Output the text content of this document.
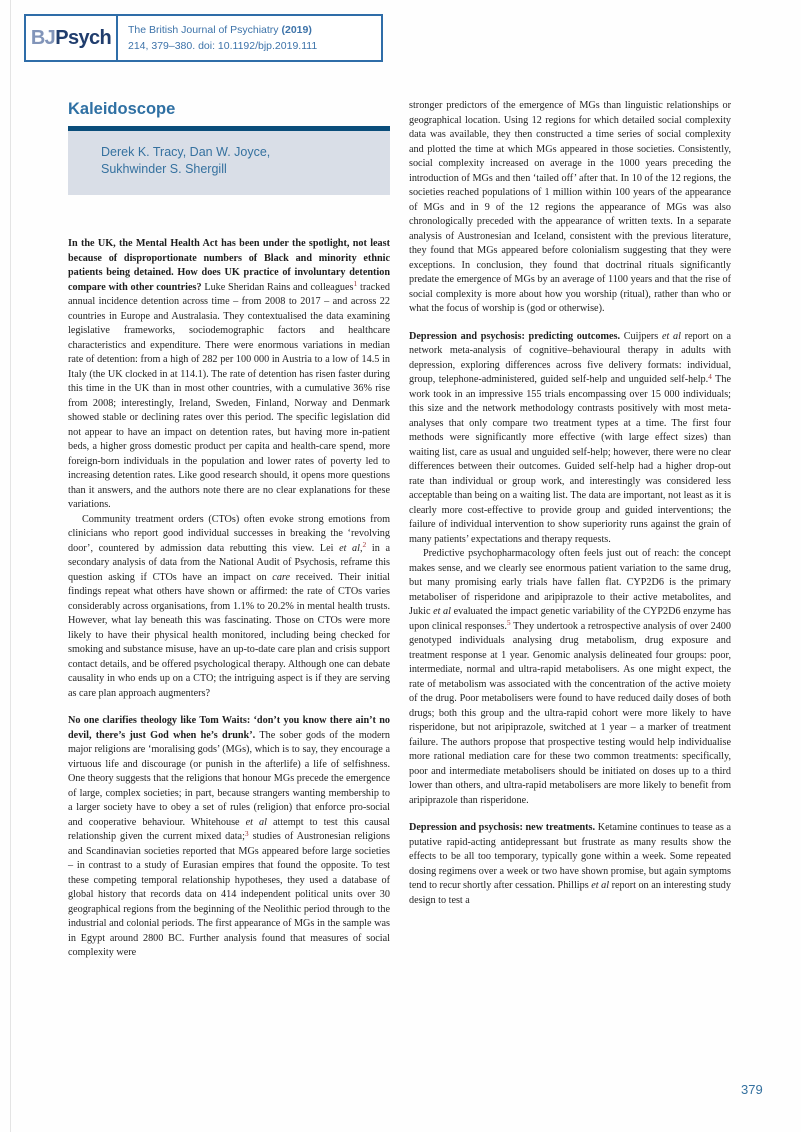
BJ Psych The British Journal of Psychiatry (2019)
214, 379–380. doi: 10.1192/bjp.2019.111
Kaleidoscope
Derek K. Tracy, Dan W. Joyce,
Sukhwinder S. Shergill

In the UK, the Mental Health Act has been under the spotlight, not least because of disproportionate numbers of Black and minority ethnic patients being detained. How does UK practice of involuntary detention compare with other countries? Luke Sheridan Rains and colleagues$^1$ tracked annual incidence detention across time – from 2008 to 2017 – and across 22 countries in Europe and Australasia. They contextualised the data examining legislative frameworks, sociodemographic factors and healthcare characteristics and expenditure. There were enormous variations in median rate of detention: from a high of 282 per 100 000 in Austria to a low of 14.5 in Italy (the UK clocked in at 114.1). The rate of detention has risen faster during this time in the UK than in most other countries, with a cumulative 36% rise from 2008; interestingly, Ireland, Sweden, Finland, Norway and Denmark showed stable or declining rates over this period. The specific legislation did not appear to have an impact on detention rates, but having more in-patient beds, a higher gross domestic product per capita and health-care spend, more foreign-born individuals in the population and lower rates of poverty led to increasing detention rates. Like good research should, it opens more questions than it answers, and the authors note there are no clear explanations for these variations.

Community treatment orders (CTOs) often evoke strong emotions from clinicians who report good individual successes in breaking the ‘revolving door’, countered by admission data rebutting this view. Lei et al,$^2$ in a secondary analysis of data from the National Audit of Psychosis, reframe this question asking if CTOs have an impact on care received. Their initial findings repeat what others have shown or affirmed: the rate of CTOs varies considerably across organisations, from 1.1% to 20.2% in mental health trusts. However, what lay beneath this was fascinating. Those on CTOs were more likely to have their physical health monitored, including being checked for smoking and substance misuse, have an up-to-date care plan and crisis support contact details, and be offered psychological therapy. Although one can debate causality in who ends up on a CTO; the intriguing aspect is if they are serving as care plan approach augmenters?

No one clarifies theology like Tom Waits: ‘don’t you know there ain’t no devil, there’s just God when he’s drunk’. The sober gods of the modern major religions are ‘moralising gods’ (MGs), which is to say, they encourage a virtuous life and discourage (or punish in the afterlife) a life of selfishness. One theory suggests that the religions that honour MGs precede the emergence of large, complex societies; in part, because strangers wanting membership to a larger society have to obey a set of rules (religion) that enforce pro-social and cooperative behaviour. Whitehouse et al attempt to test this causal relationship given the current mixed data;$^3$ studies of Austronesian religions and Scandinavian societies reported that MGs appeared before large societies – in contrast to a study of Eurasian empires that found the opposite. To test these competing temporal relationship hypotheses, they used a database of global history that records data on 414 independent political units over 30 geographical regions from the beginning of the Neolithic period through to the industrial and colonial periods. The first appearance of MGs in the sample was in Egypt around 2800 BC. Further analysis found that measures of social complexity were

stronger predictors of the emergence of MGs than linguistic relationships or geographical location. Using 12 regions for which detailed social complexity data was available, they then constructed a time series of social complexity and plotted the time at which MGs appeared in those societies. Consistently, social complexity increased on average in the 1000 years preceding the introduction of MGs and then ‘tailed off’ after that. In 10 of the 12 regions, the societies reached populations of 1 million within 100 years of the appearance of MGs and in 9 of the 12 regions the appearance of MGs was also chronologically preceded with the appearance of written texts. In a separate analysis of Austronesian and Iceland, consistent with the previous literature, they found that MGs appeared before colonialism suggesting that they were exceptions. In conclusion, they found that doctrinal rituals significantly predate the emergence of MGs by an average of 1100 years and that the rise of social complexity is more about how you worship (ritual), rather than who or what the focus of worship is (god or otherwise).

Depression and psychosis: predicting outcomes. Cuijpers et al report on a network meta-analysis of cognitive–behavioural therapy in adults with depression, exploring differences across five delivery formats: individual, group, telephone-administered, guided self-help and unguided self-help.$^4$ The work took in an impressive 155 trials encompassing over 15 000 individuals; this size and the network methodology contrasts positively with most meta-analyses that only compare two treatment types at a time. The first four methods were significantly more effective (with large effect sizes) than waiting list, care as usual and unguided self-help; however, there were no clear differences between their outcomes. Guided self-help had a higher drop-out rate than individual or group work, and interestingly was considered less acceptable than being on a waiting list. The data are important, not least as it is clearly more cost-effective to provide group and guided interventions; the failure of individual intervention to show superiority runs against the grain of many patients’ expectations and therapy requests.

Predictive psychopharmacology often feels just out of reach: the concept makes sense, and we clearly see enormous patient variation to the same drug, but many promising early trials have fallen flat. CYP2D6 is the primary metaboliser of risperidone and aripiprazole to their active metabolites, and Jukic et al evaluated the impact genetic variability of the CYP2D6 enzyme has upon clinical responses.$^5$ They undertook a retrospective analysis of over 2400 genotyped individuals analysing drug metabolism, drug exposure and treatment response at 1 year. Genomic analysis delineated four groups: poor, intermediate, normal and ultra-rapid metabolisers. As one might expect, the rate of metabolism was associated with the concentration of the active moiety of the drug. Poor metabolisers were found to have reduced daily doses of both drugs; both this group and the ultra-rapid cohort were more likely to have risperidone, but not aripiprazole, switched at 1 year – a marker of treatment failure. The authors propose that prospective testing would help individualise more rational mediation care for these two common treatments: specifically, poor and intermediate metabolisers should be initiated on doses up to a third lower than others, and ultra-rapid metabolisers are more likely to benefit from aripiprazole than risperidone.

Depression and psychosis: new treatments. Ketamine continues to tease as a putative rapid-acting antidepressant but frustrate as many results show the effects to be all too temporary, typically gone within a week. Some repeated dosing regimens over a week or two have shown promise, but again symptoms tend to recur shortly after cessation. Phillips et al report on an interesting study design to test a

379
